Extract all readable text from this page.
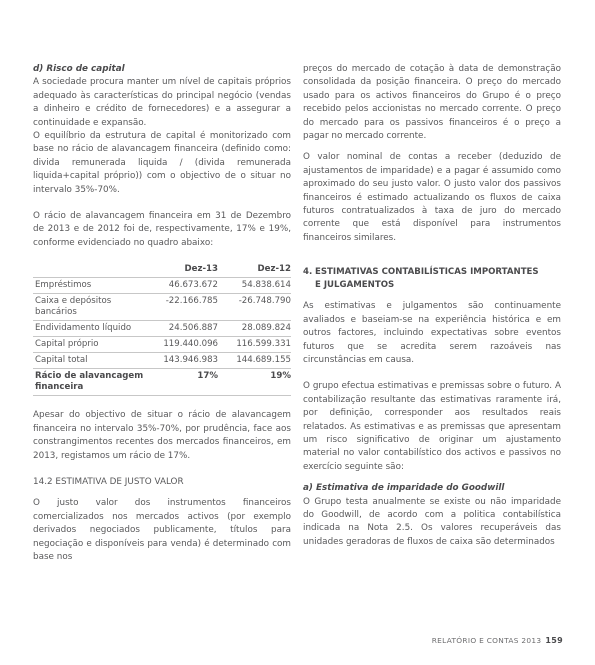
d) Risco de capital

A sociedade procura manter um nível de capitais próprios adequado às características do principal negócio (vendas a dinheiro e crédito de fornecedores) e a assegurar a continuidade e expansão.

O equilíbrio da estrutura de capital é monitorizado com base no rácio de alavancagem financeira (definido como: divida remunerada liquida / (divida remunerada liquida+capital próprio)) com o objectivo de o situar no intervalo 35%-70%.

O rácio de alavancagem financeira em 31 de Dezembro de 2013 e de 2012 foi de, respectivamente, 17% e 19%, conforme evidenciado no quadro abaixo:

	Dez-13	Dez-12
Empréstimos	46.673.672	54.838.614
Caixa e depósitos bancários	-22.166.785	-26.748.790
Endividamento líquido	24.506.887	28.089.824
Capital próprio	119.440.096	116.599.331
Capital total	143.946.983	144.689.155
Rácio de alavancagem financeira	17%	19%

Apesar do objectivo de situar o rácio de alavancagem financeira no intervalo 35%-70%, por prudência, face aos constrangimentos recentes dos mercados financeiros, em 2013, registamos um rácio de 17%.

14.2 ESTIMATIVA DE JUSTO VALOR

O justo valor dos instrumentos financeiros comercializados nos mercados activos (por exemplo derivados negociados publicamente, títulos para negociação e disponíveis para venda) é determinado com base nos

preços do mercado de cotação à data de demonstração consolidada da posição financeira. O preço do mercado usado para os activos financeiros do Grupo é o preço recebido pelos accionistas no mercado corrente. O preço do mercado para os passivos financeiros é o preço a pagar no mercado corrente.

O valor nominal de contas a receber (deduzido de ajustamentos de imparidade) e a pagar é assumido como aproximado do seu justo valor. O justo valor dos passivos financeiros é estimado actualizando os fluxos de caixa futuros contratualizados à taxa de juro do mercado corrente que está disponível para instrumentos financeiros similares.

4. ESTIMATIVAS CONTABILÍSTICAS IMPORTANTES
E JULGAMENTOS

As estimativas e julgamentos são continuamente avaliados e baseiam-se na experiência histórica e em outros factores, incluindo expectativas sobre eventos futuros que se acredita serem razoáveis nas circunstâncias em causa.

O grupo efectua estimativas e premissas sobre o futuro. A contabilização resultante das estimativas raramente irá, por definição, corresponder aos resultados reais relatados. As estimativas e as premissas que apresentam um risco significativo de originar um ajustamento material no valor contabilístico dos activos e passivos no exercício seguinte são:

a) Estimativa de imparidade do Goodwill

O Grupo testa anualmente se existe ou não imparidade do Goodwill, de acordo com a politica contabilística indicada na Nota 2.5. Os valores recuperáveis das unidades geradoras de fluxos de caixa são determinados

RELATÓRIO E CONTAS 2013 159
